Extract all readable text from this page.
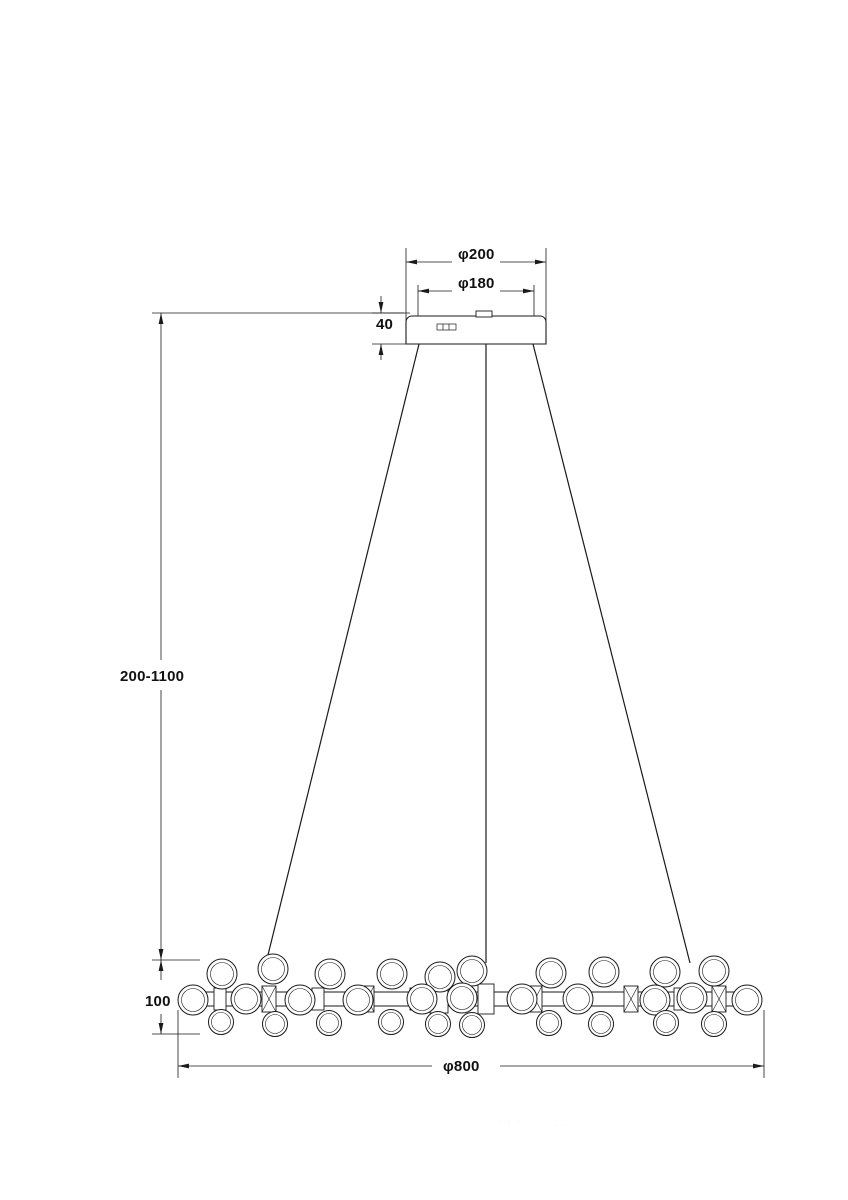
φ200
φ180
40
200-1100
100
φ800
· · ·	· ·
